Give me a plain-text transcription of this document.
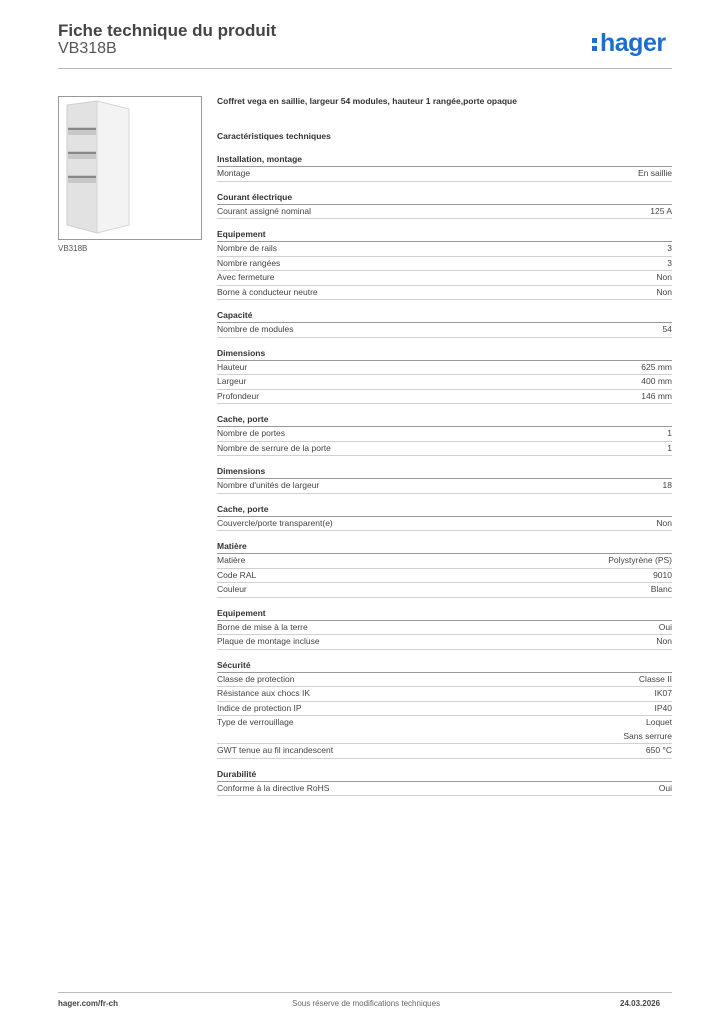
Fiche technique du produit
VB318B	hager
VB318B
Coffret vega en saillie, largeur 54 modules, hauteur 1 rangée,porte opaque
Caractéristiques techniques
Installation, montage
Montage	En saillie
Courant électrique
Courant assigné nominal	125 A
Equipement
Nombre de rails	3
Nombre rangées	3
Avec fermeture	Non
Borne à conducteur neutre	Non
Capacité
Nombre de modules	54
Dimensions
Hauteur	625 mm
Largeur	400 mm
Profondeur	146 mm
Cache, porte
Nombre de portes	1
Nombre de serrure de la porte	1
Dimensions
Nombre d'unités de largeur	18
Cache, porte
Couvercle/porte transparent(e)	Non
Matière
Matière	Polystyrène (PS)
Code RAL	9010
Couleur	Blanc
Equipement
Borne de mise à la terre	Oui
Plaque de montage incluse	Non
Sécurité
Classe de protection	Classe II
Résistance aux chocs IK	IK07
Indice de protection IP	IP40
Type de verrouillage	Loquet
Sans serrure
GWT tenue au fil incandescent	650 °C
Durabilité
Conforme à la directive RoHS	Oui
hager.com/fr-ch	Sous réserve de modifications techniques	24.03.2026
